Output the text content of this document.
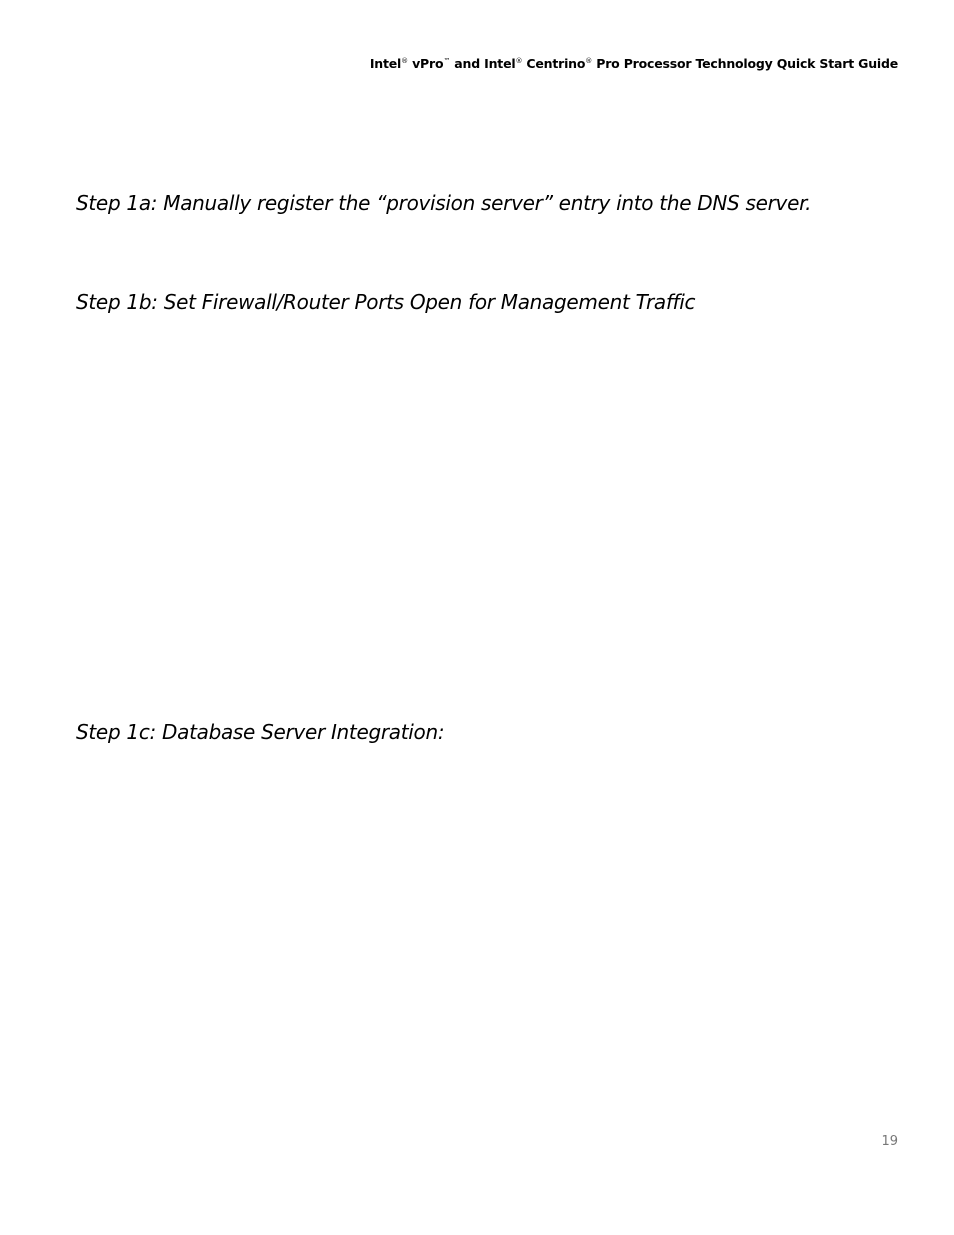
Intel® vPro™ and Intel® Centrino® Pro Processor Technology Quick Start Guide
Step 1a: Manually register the “provision server” entry into the DNS server.
Step 1b: Set Firewall/Router Ports Open for Management Traffic
Step 1c: Database Server Integration:
19
